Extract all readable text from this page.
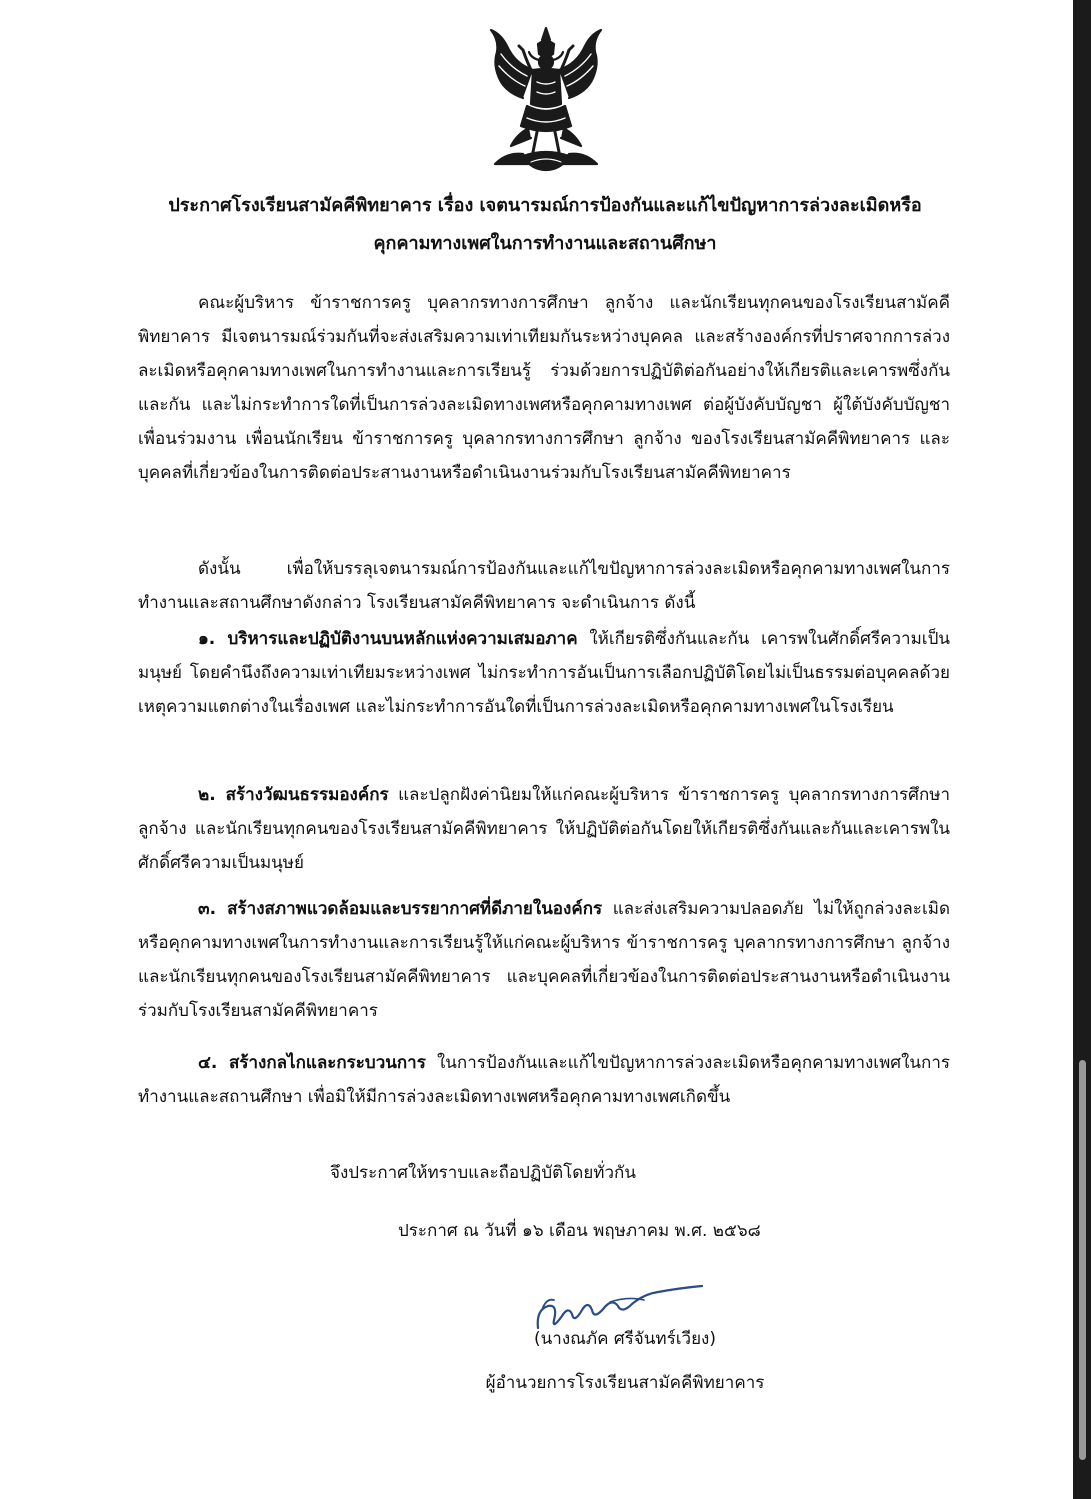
ประกาศโรงเรียนสามัคคีพิทยาคาร เรื่อง เจตนารมณ์การป้องกันและแก้ไขปัญหาการล่วงละเมิดหรือ
คุกคามทางเพศในการทำงานและสถานศึกษา
คณะผู้บริหาร ข้าราชการครู บุคลากรทางการศึกษา ลูกจ้าง และนักเรียนทุกคนของโรงเรียนสามัคคีพิทยาคาร มีเจตนารมณ์ร่วมกันที่จะส่งเสริมความเท่าเทียมกันระหว่างบุคคล และสร้างองค์กรที่ปราศจากการล่วงละเมิดหรือคุกคามทางเพศในการทำงานและการเรียนรู้ ร่วมด้วยการปฏิบัติต่อกันอย่างให้เกียรติและเคารพซึ่งกันและกัน และไม่กระทำการใดที่เป็นการล่วงละเมิดทางเพศหรือคุกคามทางเพศ ต่อผู้บังคับบัญชา ผู้ใต้บังคับบัญชา เพื่อนร่วมงาน เพื่อนนักเรียน ข้าราชการครู บุคลากรทางการศึกษา ลูกจ้าง ของโรงเรียนสามัคคีพิทยาคาร และบุคคลที่เกี่ยวข้องในการติดต่อประสานงานหรือดำเนินงานร่วมกับโรงเรียนสามัคคีพิทยาคาร
ดังนั้น เพื่อให้บรรลุเจตนารมณ์การป้องกันและแก้ไขปัญหาการล่วงละเมิดหรือคุกคามทางเพศในการทำงานและสถานศึกษาดังกล่าว โรงเรียนสามัคคีพิทยาคาร จะดำเนินการ ดังนี้
๑. บริหารและปฏิบัติงานบนหลักแห่งความเสมอภาค ให้เกียรติซึ่งกันและกัน เคารพในศักดิ์ศรีความเป็นมนุษย์ โดยคำนึงถึงความเท่าเทียมระหว่างเพศ ไม่กระทำการอันเป็นการเลือกปฏิบัติโดยไม่เป็นธรรมต่อบุคคลด้วยเหตุความแตกต่างในเรื่องเพศ และไม่กระทำการอันใดที่เป็นการล่วงละเมิดหรือคุกคามทางเพศในโรงเรียน
๒. สร้างวัฒนธรรมองค์กร และปลูกฝังค่านิยมให้แก่คณะผู้บริหาร ข้าราชการครู บุคลากรทางการศึกษา ลูกจ้าง และนักเรียนทุกคนของโรงเรียนสามัคคีพิทยาคาร ให้ปฏิบัติต่อกันโดยให้เกียรติซึ่งกันและกันและเคารพในศักดิ์ศรีความเป็นมนุษย์
๓. สร้างสภาพแวดล้อมและบรรยากาศที่ดีภายในองค์กร และส่งเสริมความปลอดภัย ไม่ให้ถูกล่วงละเมิดหรือคุกคามทางเพศในการทำงานและการเรียนรู้ให้แก่คณะผู้บริหาร ข้าราชการครู บุคลากรทางการศึกษา ลูกจ้าง และนักเรียนทุกคนของโรงเรียนสามัคคีพิทยาคาร และบุคคลที่เกี่ยวข้องในการติดต่อประสานงานหรือดำเนินงานร่วมกับโรงเรียนสามัคคีพิทยาคาร
๔. สร้างกลไกและกระบวนการ ในการป้องกันและแก้ไขปัญหาการล่วงละเมิดหรือคุกคามทางเพศในการทำงานและสถานศึกษา เพื่อมิให้มีการล่วงละเมิดทางเพศหรือคุกคามทางเพศเกิดขึ้น
จึงประกาศให้ทราบและถือปฏิบัติโดยทั่วกัน
ประกาศ ณ วันที่ ๑๖ เดือน พฤษภาคม พ.ศ. ๒๕๖๘
(นางณภัค ศรีจันทร์เวียง)
ผู้อำนวยการโรงเรียนสามัคคีพิทยาคาร
